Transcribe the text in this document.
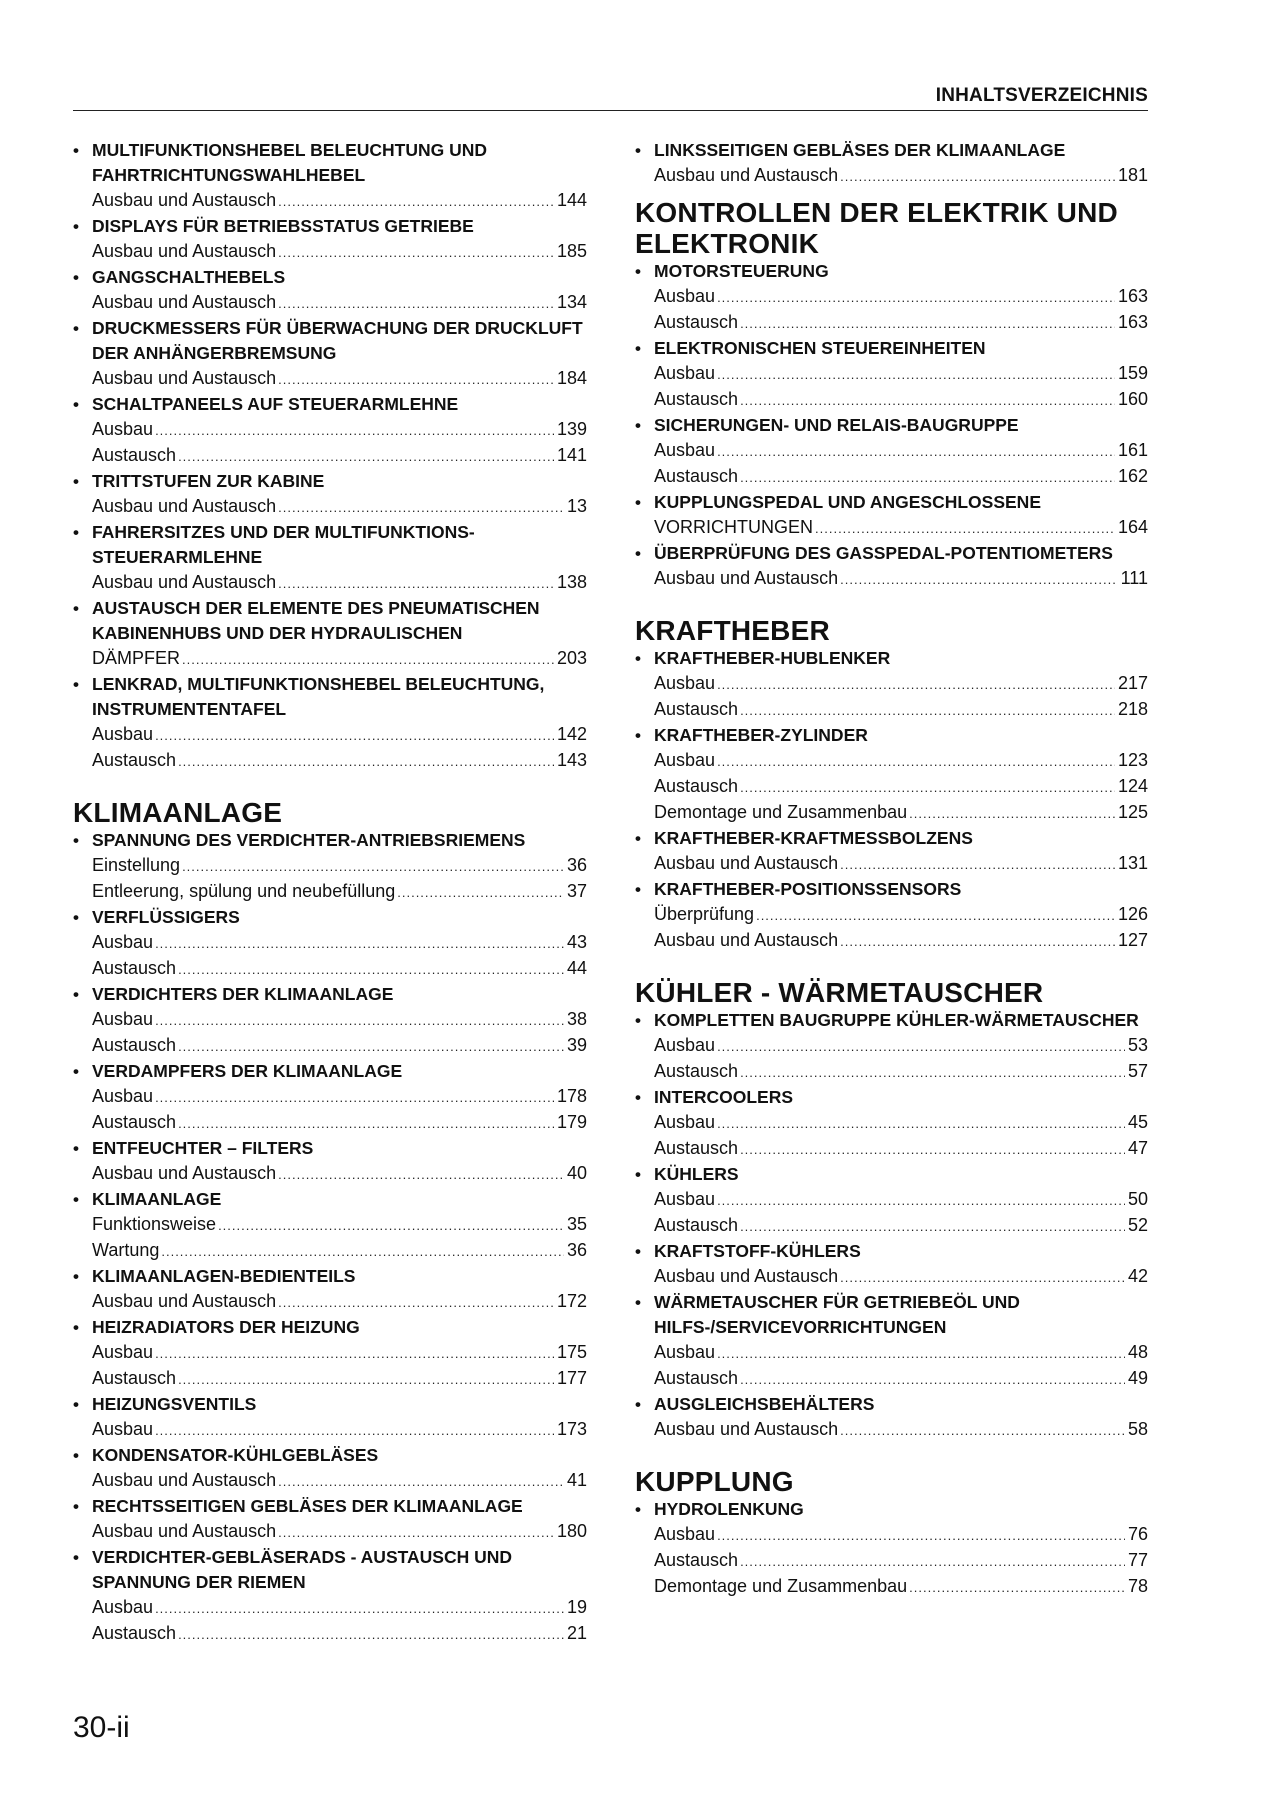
INHALTSVERZEICHNIS
• MULTIFUNKTIONSHEBEL BELEUCHTUNG UND FAHRTRICHTUNGSWAHLHEBEL
Ausbau und Austausch .....	144
• DISPLAYS FÜR BETRIEBSSTATUS GETRIEBE
Ausbau und Austausch .....	185
• GANGSCHALTHEBELS
Ausbau und Austausch .....	134
• DRUCKMESSERS FÜR ÜBERWACHUNG DER DRUCKLUFT DER ANHÄNGERBREMSUNG
Ausbau und Austausch .....	184
• SCHALTPANEELS AUF STEUERARMLEHNE
Ausbau .....	139
Austausch .....	141
• TRITTSTUFEN ZUR KABINE
Ausbau und Austausch .....	13
• FAHRERSITZES UND DER MULTIFUNKTIONS-STEUERARMLEHNE
Ausbau und Austausch .....	138
• AUSTAUSCH DER ELEMENTE DES PNEUMATISCHEN KABINENHUBS UND DER HYDRAULISCHEN
DÄMPFER .....	203
• LENKRAD, MULTIFUNKTIONSHEBEL BELEUCHTUNG, INSTRUMENTENTAFEL
Ausbau .....	142
Austausch .....	143
KLIMAANLAGE
• SPANNUNG DES VERDICHTER-ANTRIEBSRIEMENS
Einstellung .....	36
Entleerung, spülung und neubefüllung .....	37
• VERFLÜSSIGERS
Ausbau .....	43
Austausch .....	44
• VERDICHTERS DER KLIMAANLAGE
Ausbau .....	38
Austausch .....	39
• VERDAMPFERS DER KLIMAANLAGE
Ausbau .....	178
Austausch .....	179
• ENTFEUCHTER – FILTERS
Ausbau und Austausch .....	40
• KLIMAANLAGE
Funktionsweise .....	35
Wartung .....	36
• KLIMAANLAGEN-BEDIENTEILS
Ausbau und Austausch .....	172
• HEIZRADIATORS DER HEIZUNG
Ausbau .....	175
Austausch .....	177
• HEIZUNGSVENTILS
Ausbau .....	173
• KONDENSATOR-KÜHLGEBLÄSES
Ausbau und Austausch .....	41
• RECHTSSEITIGEN GEBLÄSES DER KLIMAANLAGE
Ausbau und Austausch .....	180
• VERDICHTER-GEBLÄSERADS - AUSTAUSCH UND SPANNUNG DER RIEMEN
Ausbau .....	19
Austausch .....	21
• LINKSSEITIGEN GEBLÄSES DER KLIMAANLAGE
Ausbau und Austausch .....	181
KONTROLLEN DER ELEKTRIK UND ELEKTRONIK
• MOTORSTEUERUNG
Ausbau .....	163
Austausch .....	163
• ELEKTRONISCHEN STEUEREINHEITEN
Ausbau .....	159
Austausch .....	160
• SICHERUNGEN- UND RELAIS-BAUGRUPPE
Ausbau .....	161
Austausch .....	162
• KUPPLUNGSPEDAL UND ANGESCHLOSSENE
VORRICHTUNGEN .....	164
• ÜBERPRÜFUNG DES GASSPEDAL-POTENTIOMETERS
Ausbau und Austausch .....	111
KRAFTHEBER
• KRAFTHEBER-HUBLENKER
Ausbau .....	217
Austausch .....	218
• KRAFTHEBER-ZYLINDER
Ausbau .....	123
Austausch .....	124
Demontage und Zusammenbau .....	125
• KRAFTHEBER-KRAFTMESSBOLZENS
Ausbau und Austausch .....	131
• KRAFTHEBER-POSITIONSSENSORS
Überprüfung .....	126
Ausbau und Austausch .....	127
KÜHLER - WÄRMETAUSCHER
• KOMPLETTEN BAUGRUPPE KÜHLER-WÄRMETAUSCHER
Ausbau .....	53
Austausch .....	57
• INTERCOOLERS
Ausbau .....	45
Austausch .....	47
• KÜHLERS
Ausbau .....	50
Austausch .....	52
• KRAFTSTOFF-KÜHLERS
Ausbau und Austausch .....	42
• WÄRMETAUSCHER FÜR GETRIEBEÖL UND HILFS-/SERVICEVORRICHTUNGEN
Ausbau .....	48
Austausch .....	49
• AUSGLEICHSBEHÄLTERS
Ausbau und Austausch .....	58
KUPPLUNG
• HYDROLENKUNG
Ausbau .....	76
Austausch .....	77
Demontage und Zusammenbau .....	78
30-ii
